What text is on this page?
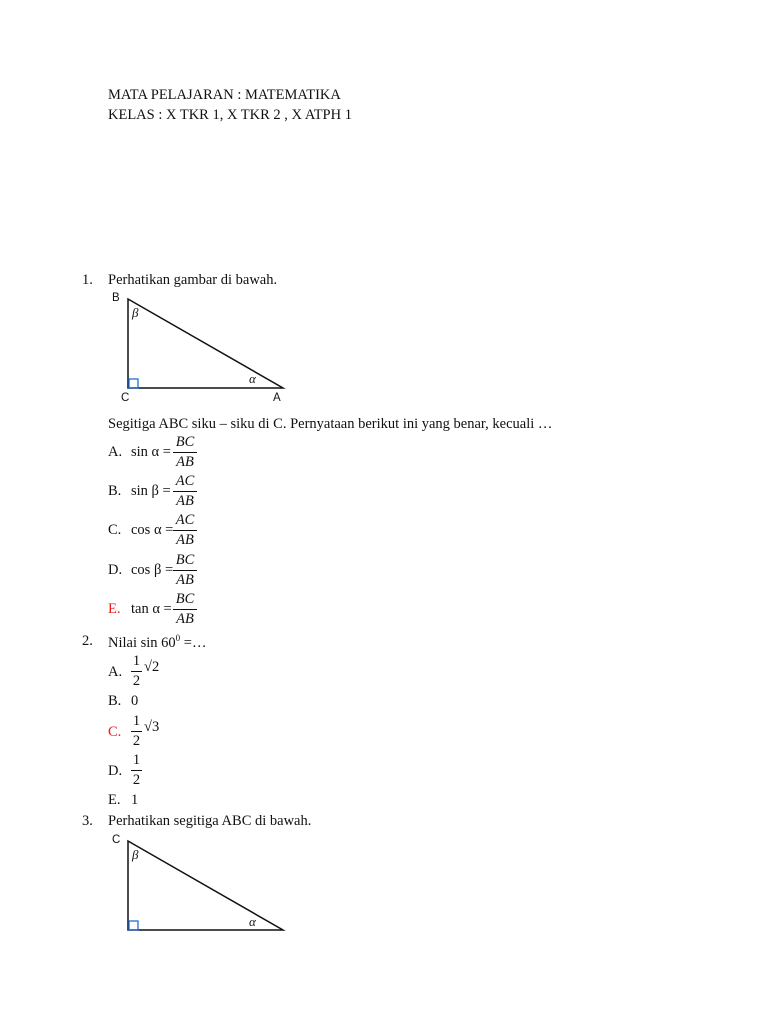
MATA PELAJARAN : MATEMATIKA
KELAS : X TKR 1, X TKR 2 , X ATPH 1
1. Perhatikan gambar di bawah.
B
C	A
β
α
Segitiga ABC siku – siku di C. Pernyataan berikut ini yang benar, kecuali …
A. sin α =
BC
AB
B. sin β =
AC
AB
C. cos α =
AC
AB
D. cos β =
BC
AB
E. tan α =
BC
AB
2. Nilai $\sin 60^0$ =…
A.
1
2
√2
B. 0
C.
1
2
√3
D.
1
2
E. 1
3. Perhatikan segitiga ABC di bawah.
C
β
α
